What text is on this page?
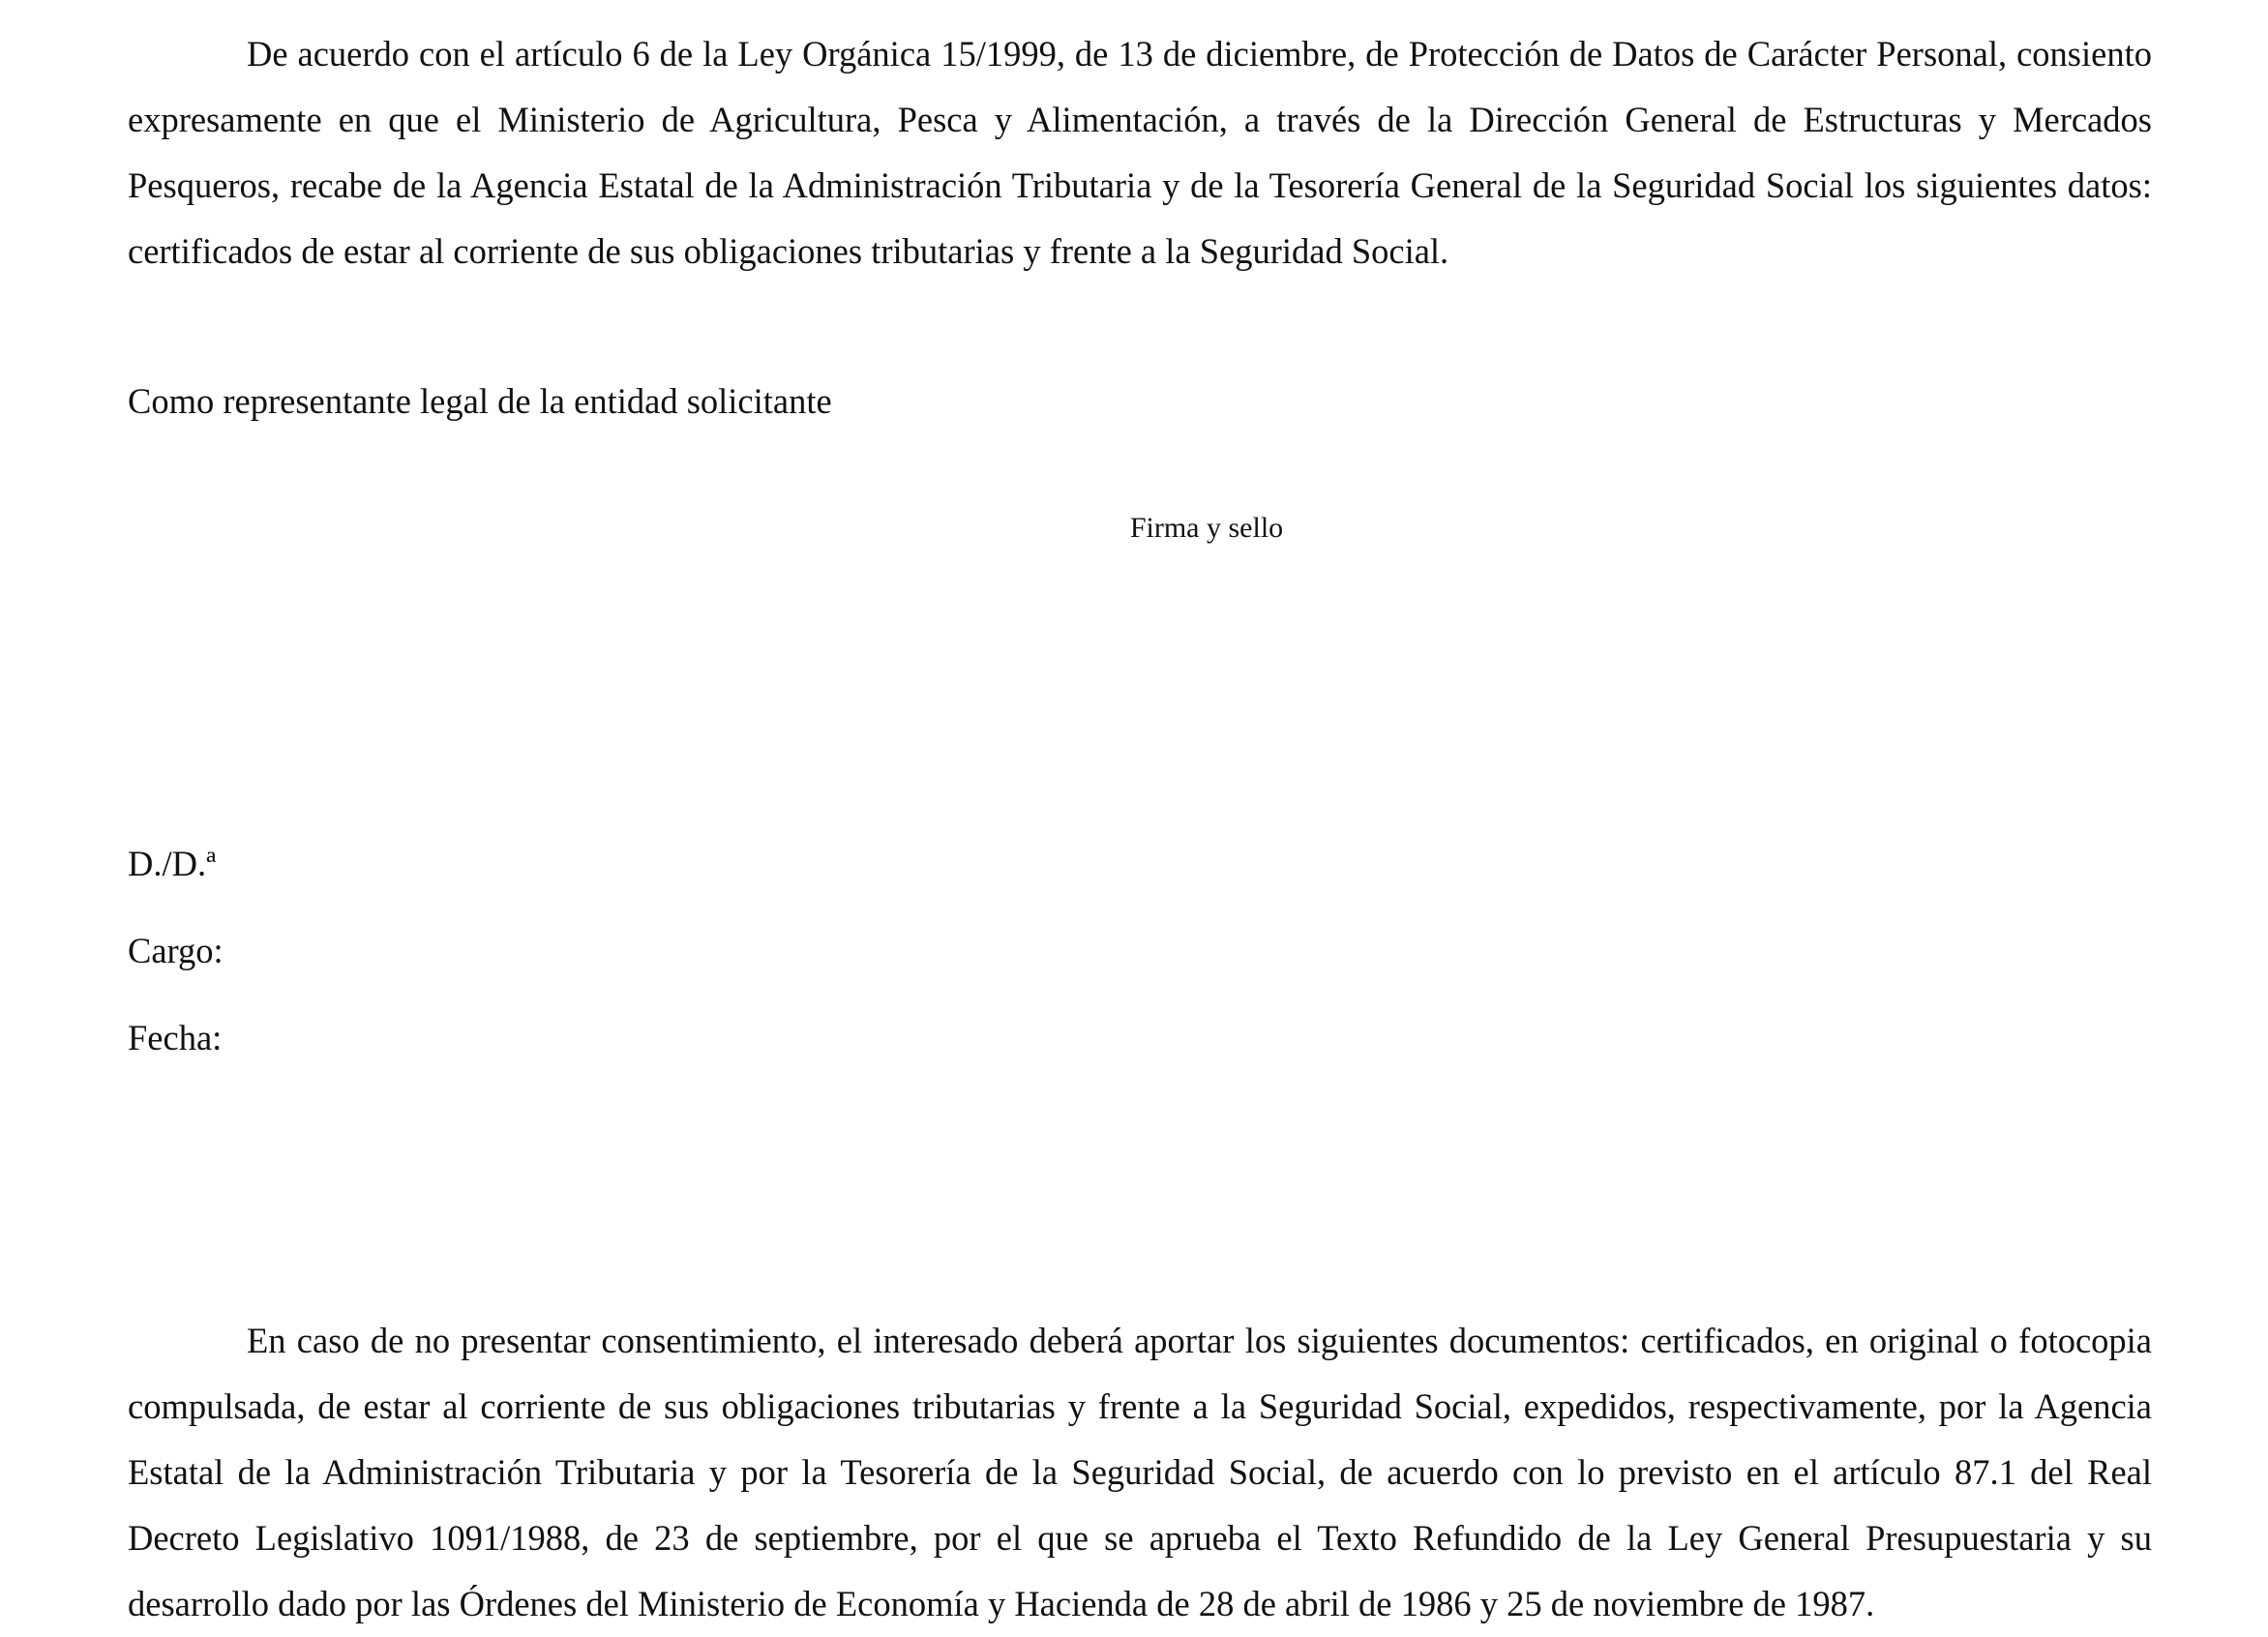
De acuerdo con el artículo 6 de la Ley Orgánica 15/1999, de 13 de diciembre, de Protección de Datos de Carácter Personal, consiento expresamente en que el Ministerio de Agricultura, Pesca y Alimentación, a través de la Dirección General de Estructuras y Mercados Pesqueros, recabe de la Agencia Estatal de la Administración Tributaria y de la Tesorería General de la Seguridad Social los siguientes datos: certificados de estar al corriente de sus obligaciones tributarias y frente a la Seguridad Social.

Como representante legal de la entidad solicitante

Firma y sello

D./D.ª

Cargo:

Fecha:

En caso de no presentar consentimiento, el interesado deberá aportar los siguientes documentos: certificados, en original o fotocopia compulsada, de estar al corriente de sus obligaciones tributarias y frente a la Seguridad Social, expedidos, respectivamente, por la Agencia Estatal de la Administración Tributaria y por la Tesorería de la Seguridad Social, de acuerdo con lo previsto en el artículo 87.1 del Real Decreto Legislativo 1091/1988, de 23 de septiembre, por el que se aprueba el Texto Refundido de la Ley General Presupuestaria y su desarrollo dado por las Órdenes del Ministerio de Economía y Hacienda de 28 de abril de 1986 y 25 de noviembre de 1987.
